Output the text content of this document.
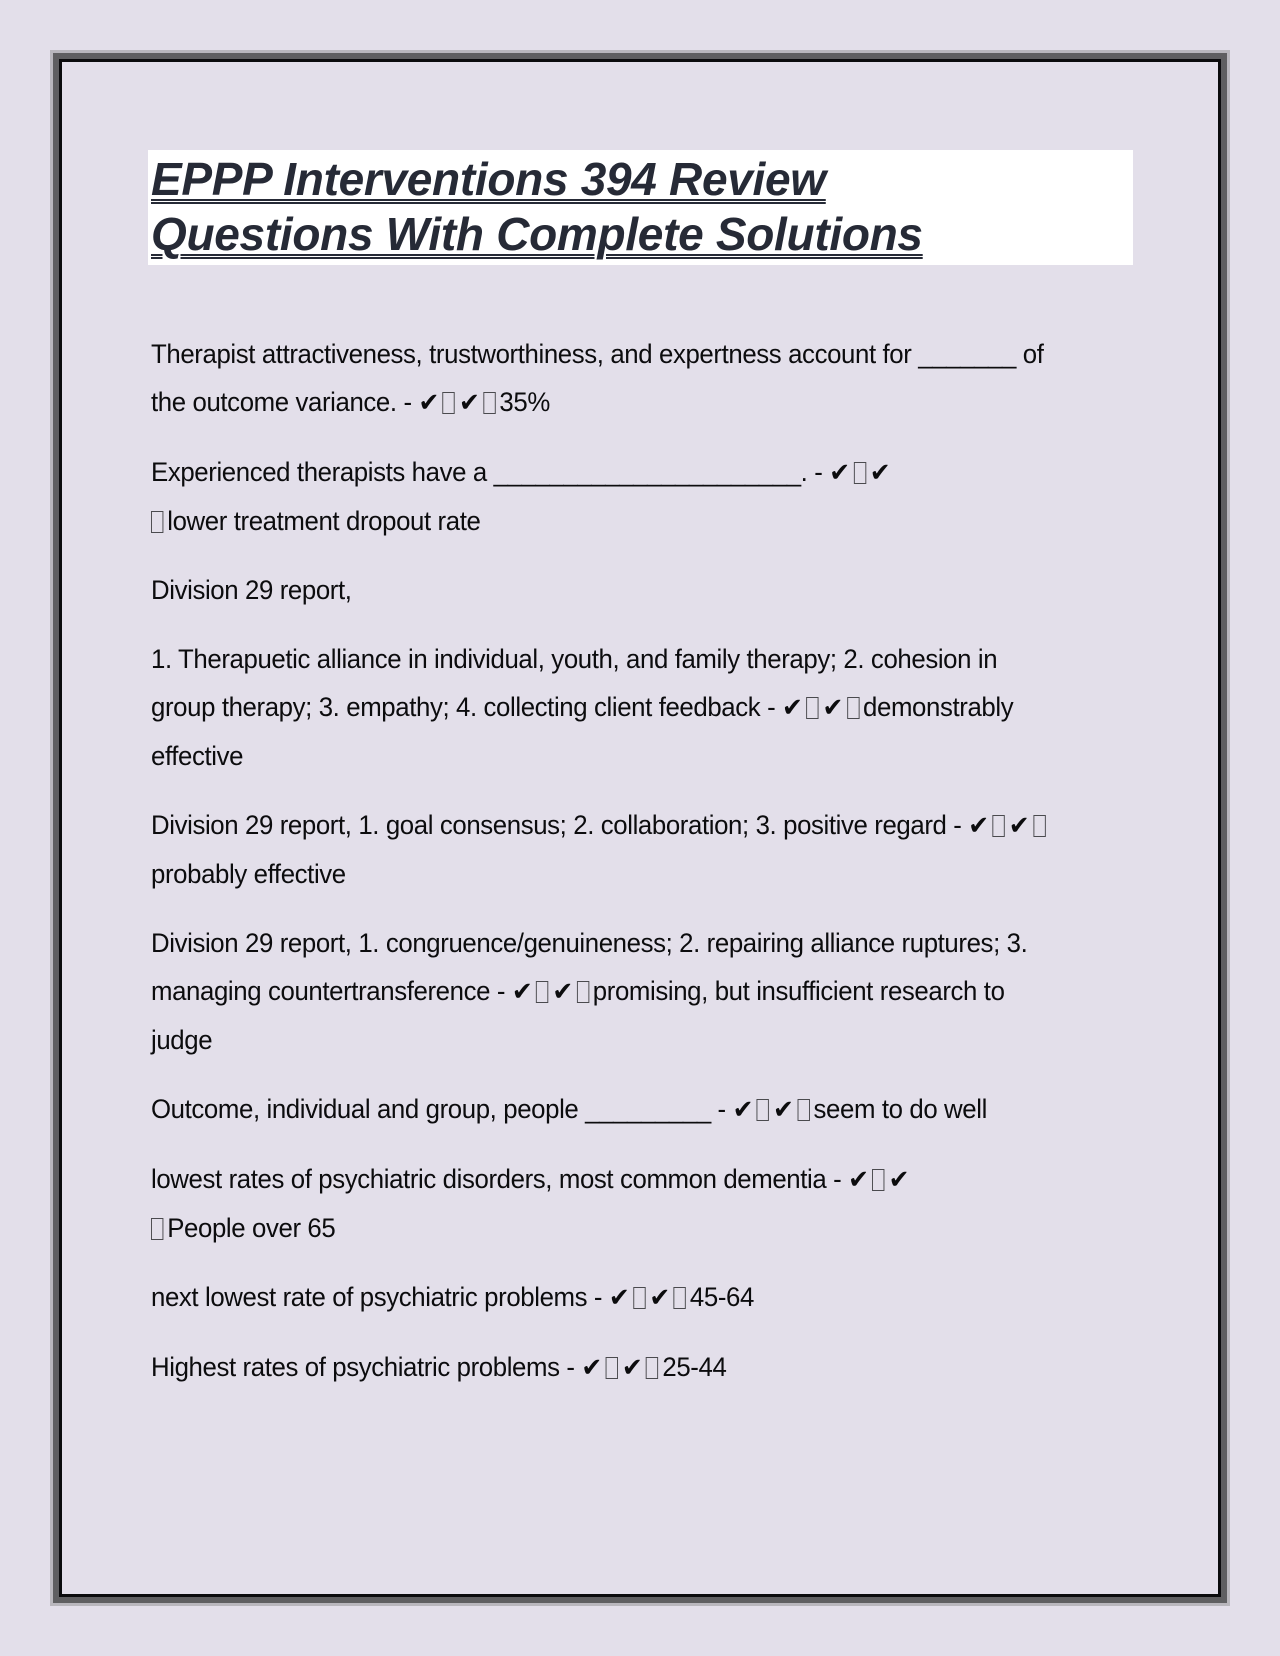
EPPP Interventions 394 Review
Questions With Complete Solutions

Therapist attractiveness, trustworthiness, and expertness account for _______ of the outcome variance. - ✔ ✔ 35%

Experienced therapists have a ______________________. - ✔ ✔
lower treatment dropout rate

Division 29 report,

1. Therapuetic alliance in individual, youth, and family therapy; 2. cohesion in group therapy; 3. empathy; 4. collecting client feedback - ✔ ✔ demonstrably effective

Division 29 report, 1. goal consensus; 2. collaboration; 3. positive regard - ✔ ✔probably effective

Division 29 report, 1. congruence/genuineness; 2. repairing alliance ruptures; 3. managing countertransference - ✔ ✔ promising, but insufficient research to judge

Outcome, individual and group, people _________ - ✔ ✔ seem to do well

lowest rates of psychiatric disorders, most common dementia - ✔ ✔
People over 65

next lowest rate of psychiatric problems - ✔ ✔ 45-64

Highest rates of psychiatric problems - ✔ ✔ 25-44
